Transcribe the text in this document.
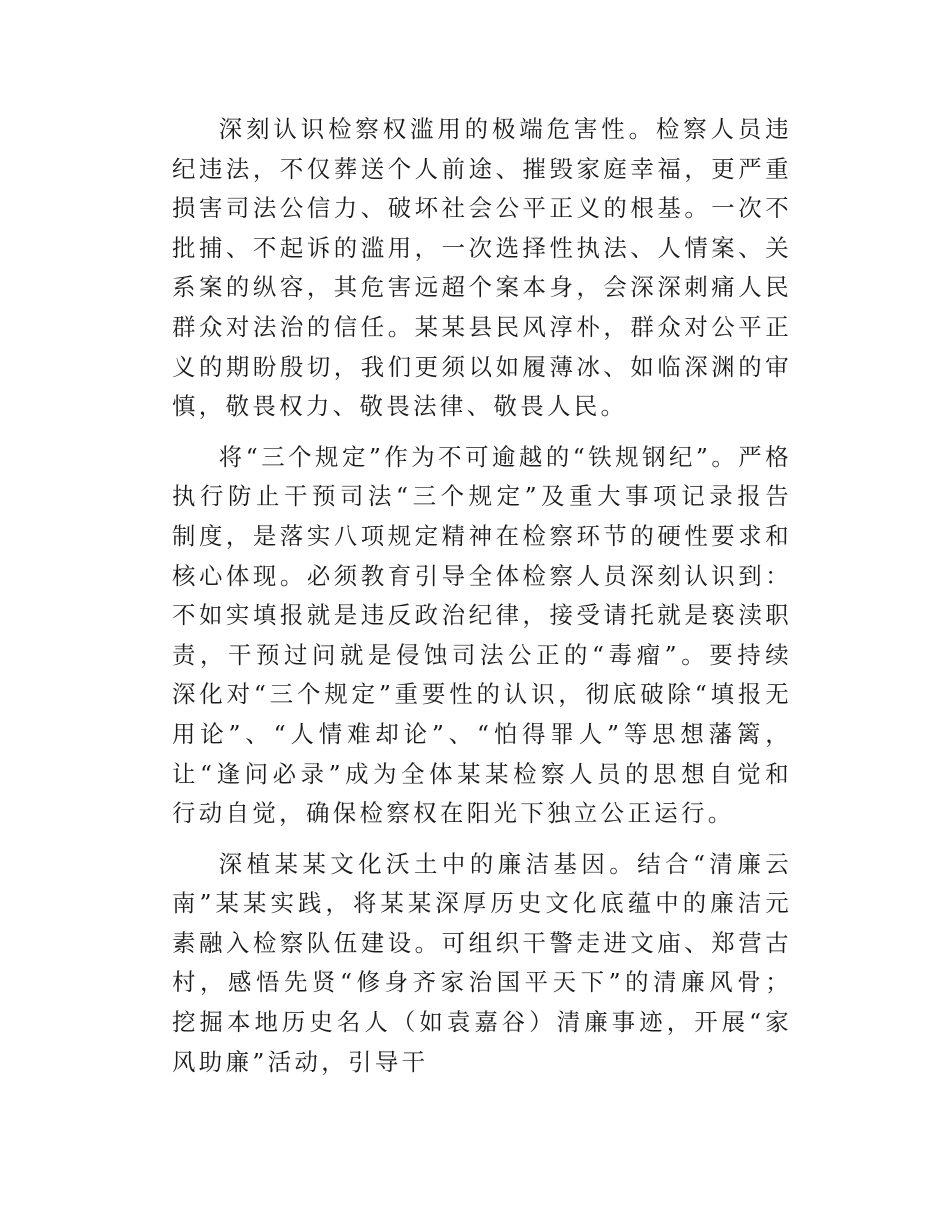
深刻认识检察权滥用的极端危害性。检察人员违纪违法，不仅葬送个人前途、摧毁家庭幸福，更严重损害司法公信力、破坏社会公平正义的根基。一次不批捕、不起诉的滥用，一次选择性执法、人情案、关系案的纵容，其危害远超个案本身，会深深刺痛人民群众对法治的信任。某某县民风淳朴，群众对公平正义的期盼殷切，我们更须以如履薄冰、如临深渊的审慎，敬畏权力、敬畏法律、敬畏人民。

将“三个规定”作为不可逾越的“铁规钢纪”。严格执行防止干预司法“三个规定”及重大事项记录报告制度，是落实八项规定精神在检察环节的硬性要求和核心体现。必须教育引导全体检察人员深刻认识到：不如实填报就是违反政治纪律，接受请托就是亵渎职责，干预过问就是侵蚀司法公正的“毒瘤”。要持续深化对“三个规定”重要性的认识，彻底破除“填报无用论”、“人情难却论”、“怕得罪人”等思想藩篱，让“逢问必录”成为全体某某检察人员的思想自觉和行动自觉，确保检察权在阳光下独立公正运行。

深植某某文化沃土中的廉洁基因。结合“清廉云南”某某实践，将某某深厚历史文化底蕴中的廉洁元素融入检察队伍建设。可组织干警走进文庙、郑营古村，感悟先贤“修身齐家治国平天下”的清廉风骨；挖掘本地历史名人（如袁嘉谷）清廉事迹，开展“家风助廉”活动，引导干
